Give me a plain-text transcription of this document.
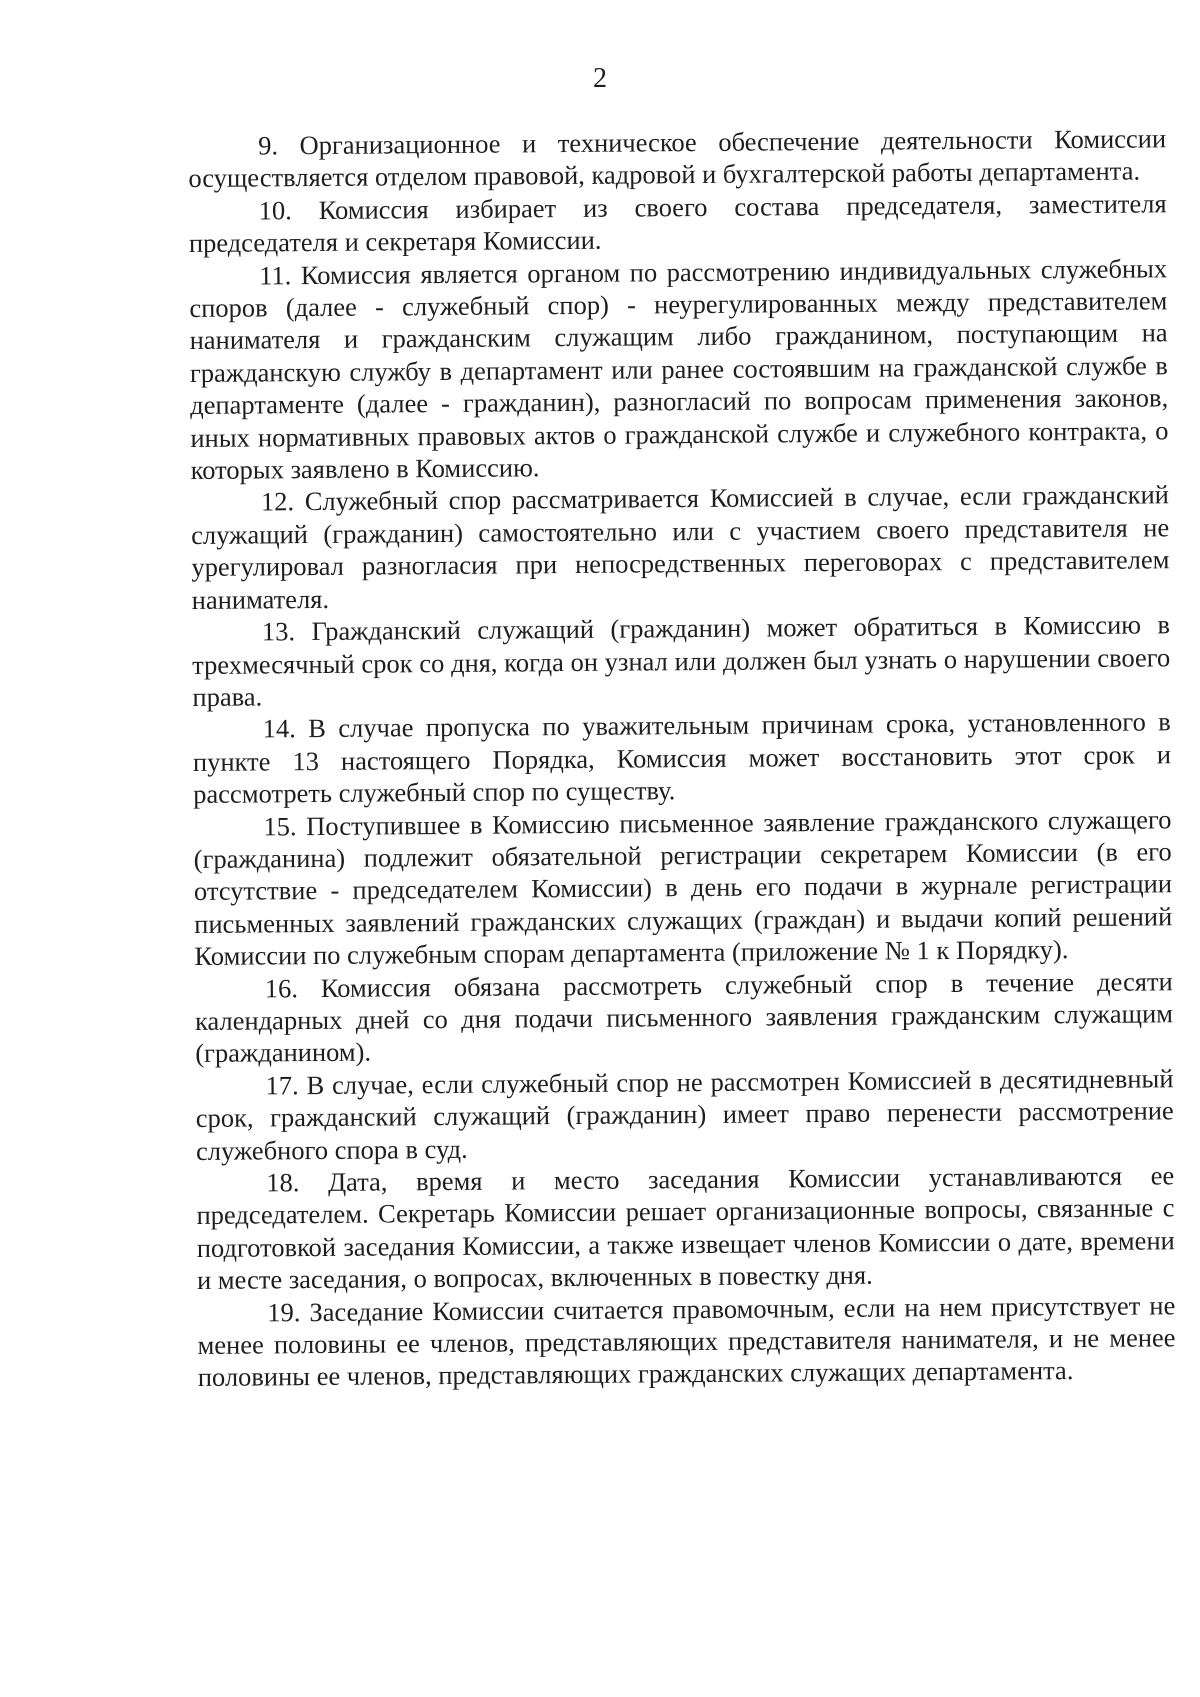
2

9. Организационное и техническое обеспечение деятельности Комиссии осуществляется отделом правовой, кадровой и бухгалтерской работы департамента.

10. Комиссия избирает из своего состава председателя, заместителя председателя и секретаря Комиссии.

11. Комиссия является органом по рассмотрению индивидуальных служебных споров (далее - служебный спор) - неурегулированных между представителем нанимателя и гражданским служащим либо гражданином, поступающим на гражданскую службу в департамент или ранее состоявшим на гражданской службе в департаменте (далее - гражданин), разногласий по вопросам применения законов, иных нормативных правовых актов о гражданской службе и служебного контракта, о которых заявлено в Комиссию.

12. Служебный спор рассматривается Комиссией в случае, если гражданский служащий (гражданин) самостоятельно или с участием своего представителя не урегулировал разногласия при непосредственных переговорах с представителем нанимателя.

13. Гражданский служащий (гражданин) может обратиться в Комиссию в трехмесячный срок со дня, когда он узнал или должен был узнать о нарушении своего права.

14. В случае пропуска по уважительным причинам срока, установленного в пункте 13 настоящего Порядка, Комиссия может восстановить этот срок и рассмотреть служебный спор по существу.

15. Поступившее в Комиссию письменное заявление гражданского служащего (гражданина) подлежит обязательной регистрации секретарем Комиссии (в его отсутствие - председателем Комиссии) в день его подачи в журнале регистрации письменных заявлений гражданских служащих (граждан) и выдачи копий решений Комиссии по служебным спорам департамента (приложение № 1 к Порядку).

16. Комиссия обязана рассмотреть служебный спор в течение десяти календарных дней со дня подачи письменного заявления гражданским служащим (гражданином).

17. В случае, если служебный спор не рассмотрен Комиссией в десятидневный срок, гражданский служащий (гражданин) имеет право перенести рассмотрение служебного спора в суд.

18. Дата, время и место заседания Комиссии устанавливаются ее председателем. Секретарь Комиссии решает организационные вопросы, связанные с подготовкой заседания Комиссии, а также извещает членов Комиссии о дате, времени и месте заседания, о вопросах, включенных в повестку дня.

19. Заседание Комиссии считается правомочным, если на нем присутствует не менее половины ее членов, представляющих представителя нанимателя, и не менее половины ее членов, представляющих гражданских служащих департамента.
